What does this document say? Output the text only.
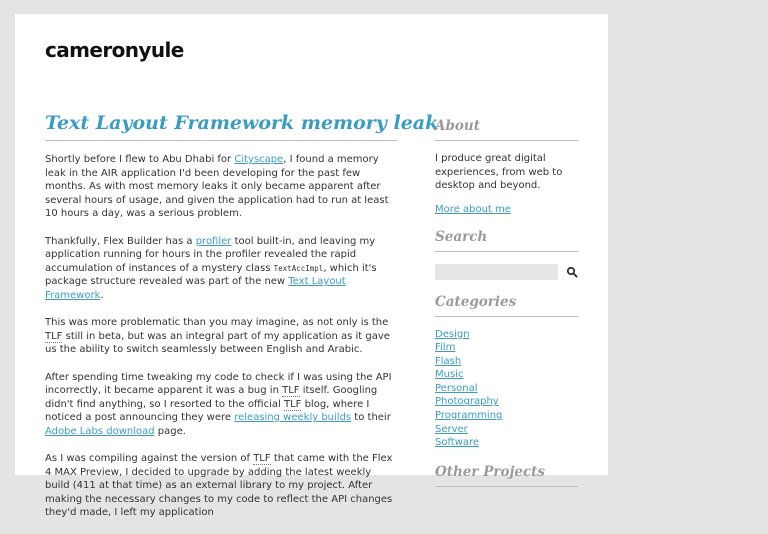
cameronyule
Text Layout Framework memory leak

Shortly before I flew to Abu Dhabi for Cityscape, I found a memory leak in the AIR application I'd been developing for the past few months. As with most memory leaks it only became apparent after several hours of usage, and given the application had to run at least 10 hours a day, was a serious problem.

Thankfully, Flex Builder has a profiler tool built-in, and leaving my application running for hours in the profiler revealed the rapid accumulation of instances of a mystery class TextAccImpl, which it's package structure revealed was part of the new Text Layout Framework.

This was more problematic than you may imagine, as not only is the TLF still in beta, but was an integral part of my application as it gave us the ability to switch seamlessly between English and Arabic.

After spending time tweaking my code to check if I was using the API incorrectly, it became apparent it was a bug in TLF itself. Googling didn't find anything, so I resorted to the official TLF blog, where I noticed a post announcing they were releasing weekly builds to their Adobe Labs download page.

As I was compiling against the version of TLF that came with the Flex 4 MAX Preview, I decided to upgrade by adding the latest weekly build (411 at that time) as an external library to my project. After making the necessary changes to my code to reflect the API changes they'd made, I left my application

About

I produce great digital experiences, from web to desktop and beyond.

More about me
Search
Categories
Design
Film
Flash
Music
Personal
Photography
Programming
Server
Software
Other Projects
